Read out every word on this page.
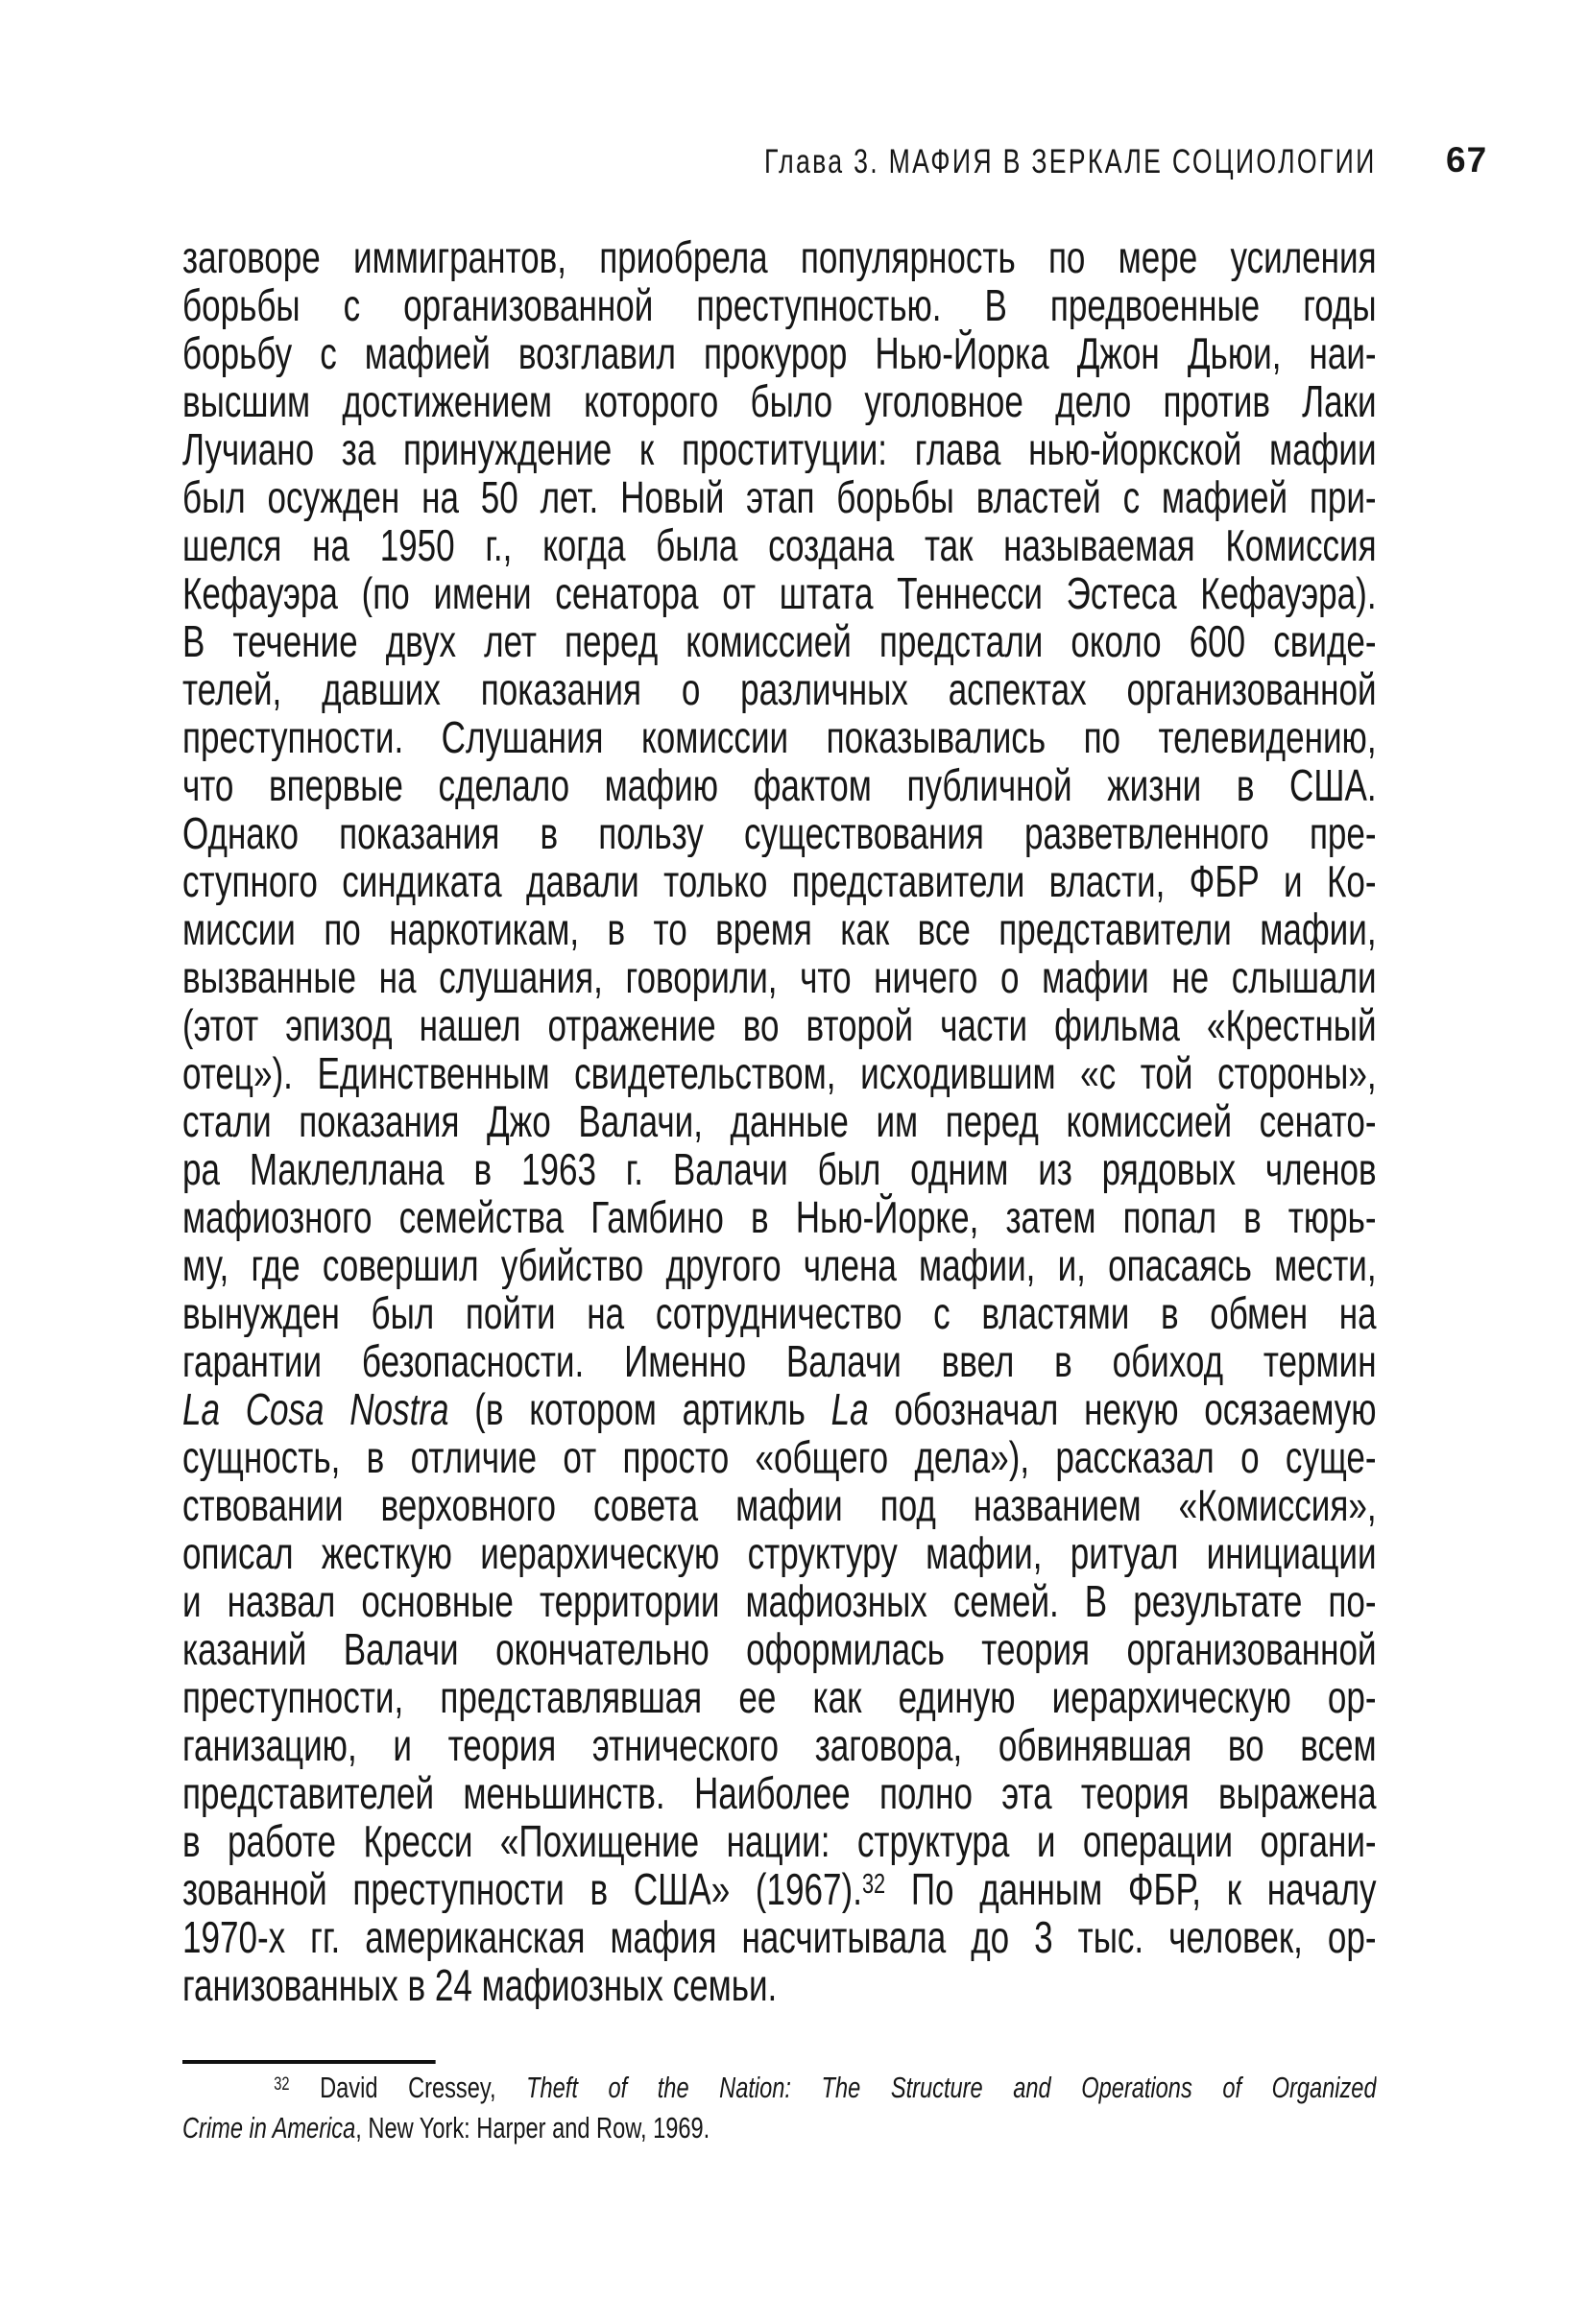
Глава 3. МАФИЯ В ЗЕРКАЛЕ СОЦИОЛОГИИ
заговоре иммигрантов, приобрела популярность по мере усиления
борьбы с организованной преступностью. В предвоенные годы
борьбу с мафией возглавил прокурор Нью-Йорка Джон Дьюи, наи-
высшим достижением которого было уголовное дело против Лаки
Лучиано за принуждение к проституции: глава нью-йоркской мафии
был осужден на 50 лет. Новый этап борьбы властей с мафией при-
шелся на 1950 г., когда была создана так называемая Комиссия
Кефауэра (по имени сенатора от штата Теннесси Эстеса Кефауэра).
В течение двух лет перед комиссией предстали около 600 свиде-
телей, давших показания о различных аспектах организованной
преступности. Слушания комиссии показывались по телевидению,
что впервые сделало мафию фактом публичной жизни в США.
Однако показания в пользу существования разветвленного пре-
ступного синдиката давали только представители власти, ФБР и Ко-
миссии по наркотикам, в то время как все представители мафии,
вызванные на слушания, говорили, что ничего о мафии не слышали
(этот эпизод нашел отражение во второй части фильма «Крестный
отец»). Единственным свидетельством, исходившим «с той стороны»,
стали показания Джо Валачи, данные им перед комиссией сенато-
ра Маклеллана в 1963 г. Валачи был одним из рядовых членов
мафиозного семейства Гамбино в Нью-Йорке, затем попал в тюрь-
му, где совершил убийство другого члена мафии, и, опасаясь мести,
вынужден был пойти на сотрудничество с властями в обмен на
гарантии безопасности. Именно Валачи ввел в обиход термин
La Cosa Nostra (в котором артикль La обозначал некую осязаемую
сущность, в отличие от просто «общего дела»), рассказал о суще-
ствовании верховного совета мафии под названием «Комиссия»,
описал жесткую иерархическую структуру мафии, ритуал инициации
и назвал основные территории мафиозных семей. В результате по-
казаний Валачи окончательно оформилась теория организованной
преступности, представлявшая ее как единую иерархическую ор-
ганизацию, и теория этнического заговора, обвинявшая во всем
представителей меньшинств. Наиболее полно эта теория выражена
в работе Кресси «Похищение нации: структура и операции органи-
зованной преступности в США» (1967).$^{32}$ По данным ФБР, к началу
1970-х гг. американская мафия насчитывала до 3 тыс. человек, ор-
ганизованных в 24 мафиозных семьи.
$^{32}$ David Cressey, Theft of the Nation: The Structure and Operations of Organized
Crime in America, New York: Harper and Row, 1969.
67
